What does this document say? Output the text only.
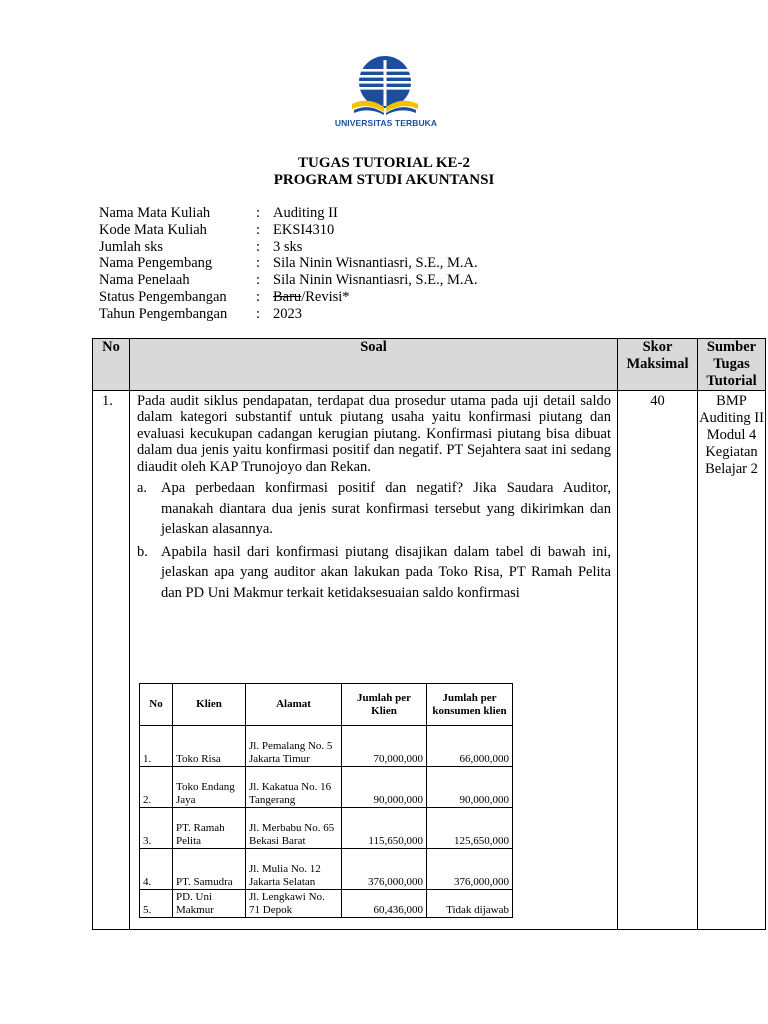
UNIVERSITAS TERBUKA
TUGAS TUTORIAL KE-2
PROGRAM STUDI AKUNTANSI
Nama Mata Kuliah	:	Auditing II
Kode Mata Kuliah	:	EKSI4310
Jumlah sks	:	3 sks
Nama Pengembang	:	Sila Ninin Wisnantiasri, S.E., M.A.
Nama Penelaah	:	Sila Ninin Wisnantiasri, S.E., M.A.
Status Pengembangan	:	Baru/Revisi*
Tahun Pengembangan	:	2023
No	Soal	Skor Maksimal	Sumber Tugas Tutorial
1.	Pada audit siklus pendapatan, terdapat dua prosedur utama pada uji detail saldo dalam kategori substantif untuk piutang usaha yaitu konfirmasi piutang dan evaluasi kecukupan cadangan kerugian piutang. Konfirmasi piutang bisa dibuat dalam dua jenis yaitu konfirmasi positif dan negatif. PT Sejahtera saat ini sedang diaudit oleh KAP Trunojoyo dan Rekan.

a. Apa perbedaan konfirmasi positif dan negatif? Jika Saudara Auditor, manakah diantara dua jenis surat konfirmasi tersebut yang dikirimkan dan jelaskan alasannya.
b. Apabila hasil dari konfirmasi piutang disajikan dalam tabel di bawah ini, jelaskan apa yang auditor akan lakukan pada Toko Risa, PT Ramah Pelita dan PD Uni Makmur terkait ketidaksesuaian saldo konfirmasi	40	BMP Auditing II Modul 4 Kegiatan Belajar 2
No	Klien	Alamat	Jumlah per Klien	Jumlah per konsumen klien
1.	Toko Risa	Jl. Pemalang No. 5 Jakarta Timur	70,000,000	66,000,000
2.	Toko Endang Jaya	Jl. Kakatua No. 16 Tangerang	90,000,000	90,000,000
3.	PT. Ramah Pelita	Jl. Merbabu No. 65 Bekasi Barat	115,650,000	125,650,000
4.	PT. Samudra	Jl. Mulia No. 12 Jakarta Selatan	376,000,000	376,000,000
5.	PD. Uni Makmur	Jl. Lengkawi No. 71 Depok	60,436,000	Tidak dijawab
